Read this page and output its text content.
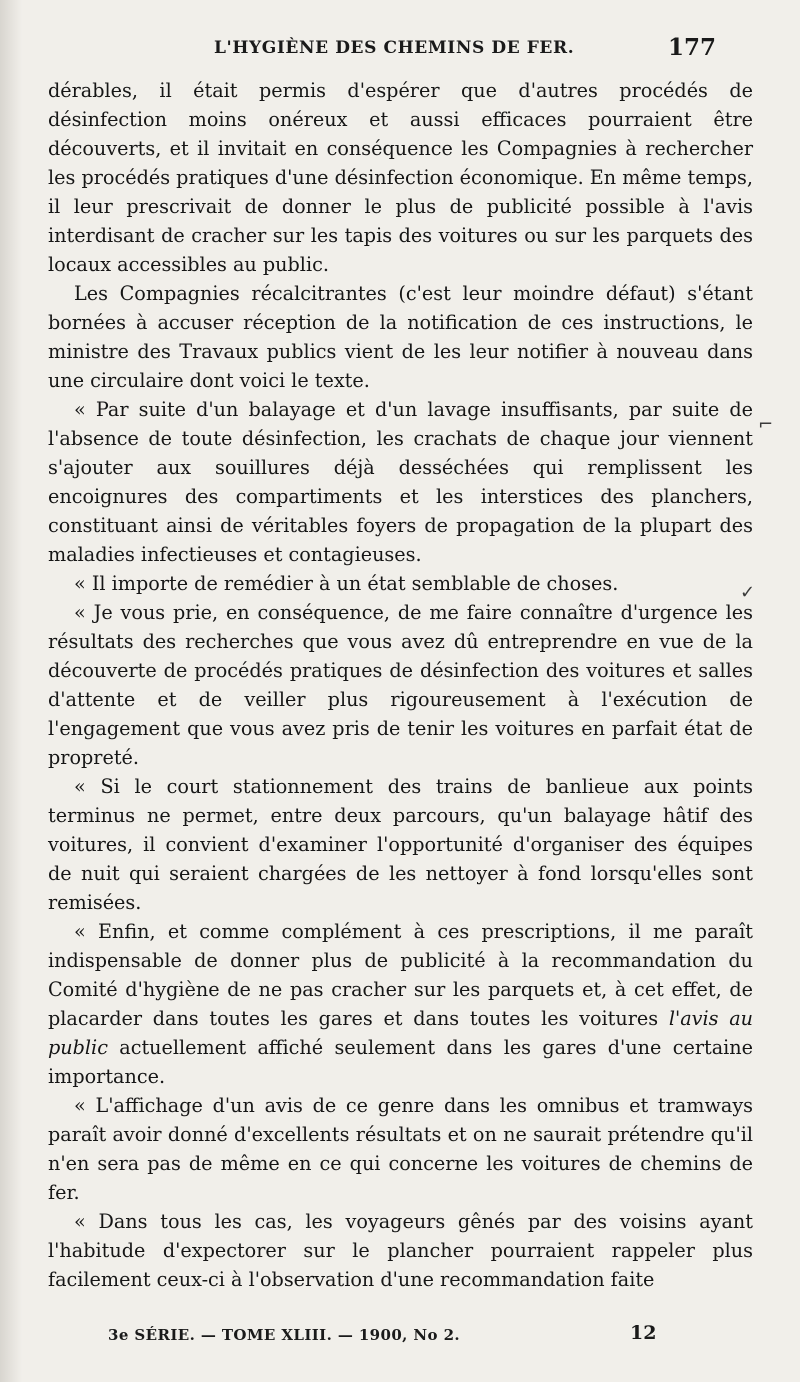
L'HYGIÈNE DES CHEMINS DE FER.	177

dérables, il était permis d'espérer que d'autres procédés de désinfection moins onéreux et aussi efficaces pourraient être découverts, et il invitait en conséquence les Compagnies à rechercher les procédés pratiques d'une désinfection économique. En même temps, il leur prescrivait de donner le plus de publicité possible à l'avis interdisant de cracher sur les tapis des voitures ou sur les parquets des locaux accessibles au public.

Les Compagnies récalcitrantes (c'est leur moindre défaut) s'étant bornées à accuser réception de la notification de ces instructions, le ministre des Travaux publics vient de les leur notifier à nouveau dans une circulaire dont voici le texte.

« Par suite d'un balayage et d'un lavage insuffisants, par suite de l'absence de toute désinfection, les crachats de chaque jour viennent s'ajouter aux souillures déjà desséchées qui remplissent les encoignures des compartiments et les interstices des planchers, constituant ainsi de véritables foyers de propagation de la plupart des maladies infectieuses et contagieuses.

« Il importe de remédier à un état semblable de choses.

« Je vous prie, en conséquence, de me faire connaître d'urgence les résultats des recherches que vous avez dû entreprendre en vue de la découverte de procédés pratiques de désinfection des voitures et salles d'attente et de veiller plus rigoureusement à l'exécution de l'engagement que vous avez pris de tenir les voitures en parfait état de propreté.

« Si le court stationnement des trains de banlieue aux points terminus ne permet, entre deux parcours, qu'un balayage hâtif des voitures, il convient d'examiner l'opportunité d'organiser des équipes de nuit qui seraient chargées de les nettoyer à fond lorsqu'elles sont remisées.

« Enfin, et comme complément à ces prescriptions, il me paraît indispensable de donner plus de publicité à la recommandation du Comité d'hygiène de ne pas cracher sur les parquets et, à cet effet, de placarder dans toutes les gares et dans toutes les voitures l'avis au public actuellement affiché seulement dans les gares d'une certaine importance.

« L'affichage d'un avis de ce genre dans les omnibus et tramways paraît avoir donné d'excellents résultats et on ne saurait prétendre qu'il n'en sera pas de même en ce qui concerne les voitures de chemins de fer.

« Dans tous les cas, les voyageurs gênés par des voisins ayant l'habitude d'expectorer sur le plancher pourraient rappeler plus facilement ceux-ci à l'observation d'une recommandation faite

⌐
✓
3e SÉRIE. — TOME XLIII. — 1900, No 2.	12
